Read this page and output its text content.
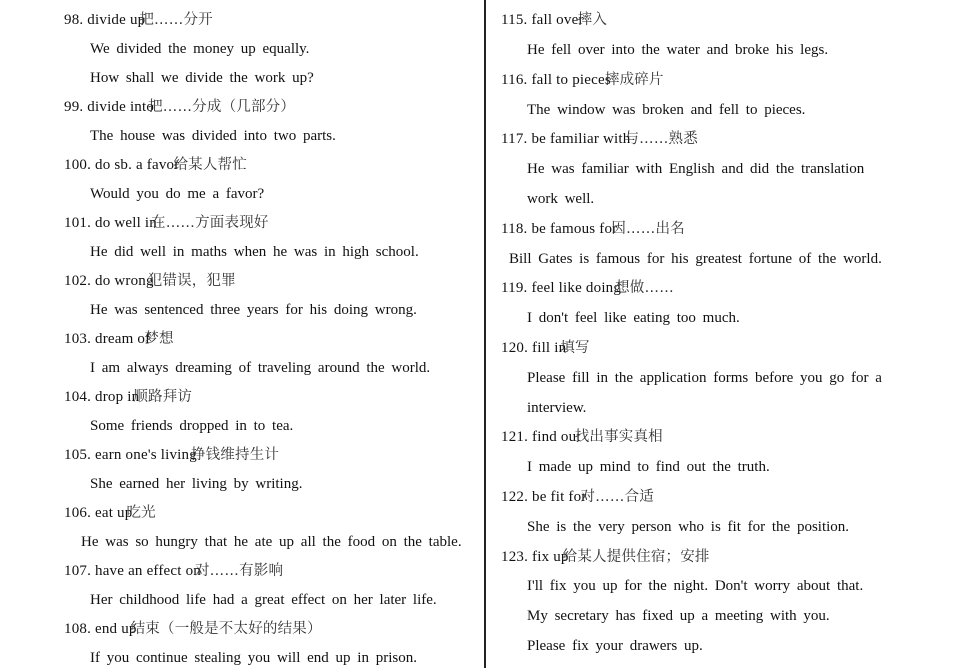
98. divide up把……分开
We divided the money up equally.
How shall we divide the work up?
99. divide into把……分成（几部分）
The house was divided into two parts.
100. do sb. a favor给某人帮忙
Would you do me a favor?
101. do well in在……方面表现好
He did well in maths when he was in high school.
102. do wrong犯错误，犯罪
He was sentenced three years for his doing wrong.
103. dream of梦想
I am always dreaming of traveling around the world.
104. drop in顺路拜访
Some friends dropped in to tea.
105. earn one's living挣钱维持生计
She earned her living by writing.
106. eat up吃光
He was so hungry that he ate up all the food on the table.
107. have an effect on对……有影响
Her childhood life had a great effect on her later life.
108. end up结束（一般是不太好的结果）
If you continue stealing you will end up in prison.
115. fall over摔入
He fell over into the water and broke his legs.
116. fall to pieces摔成碎片
The window was broken and fell to pieces.
117. be familiar with与……熟悉
He was familiar with English and did the translation
work well.
118. be famous for因……出名
Bill Gates is famous for his greatest fortune of the world.
119. feel like doing想做……
I don't feel like eating too much.
120. fill in填写
Please fill in the application forms before you go for a
interview.
121. find out找出事实真相
I made up mind to find out the truth.
122. be fit for对……合适
She is the very person who is fit for the position.
123. fix up给某人提供住宿；安排
I'll fix you up for the night. Don't worry about that.
My secretary has fixed up a meeting with you.
Please fix your drawers up.
